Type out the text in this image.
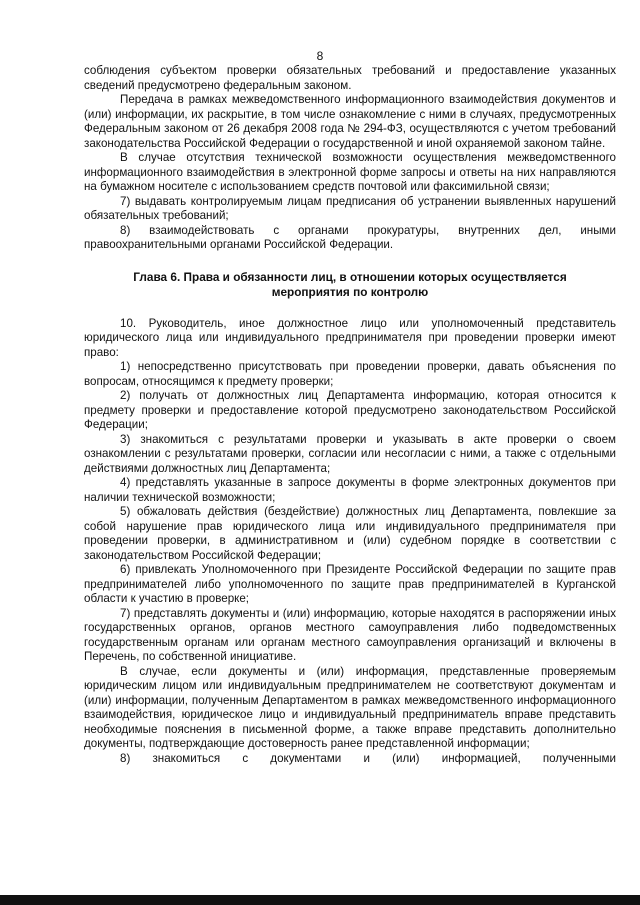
8

соблюдения субъектом проверки обязательных требований и предоставление указанных сведений предусмотрено федеральным законом.

Передача в рамках межведомственного информационного взаимодействия документов и (или) информации, их раскрытие, в том числе ознакомление с ними в случаях, предусмотренных Федеральным законом от 26 декабря 2008 года № 294-ФЗ, осуществляются с учетом требований законодательства Российской Федерации о государственной и иной охраняемой законом тайне.

В случае отсутствия технической возможности осуществления межведомственного информационного взаимодействия в электронной форме запросы и ответы на них направляются на бумажном носителе с использованием средств почтовой или факсимильной связи;

7) выдавать контролируемым лицам предписания об устранении выявленных нарушений обязательных требований;

8) взаимодействовать с органами прокуратуры, внутренних дел, иными правоохранительными органами Российской Федерации.

Глава 6. Права и обязанности лиц, в отношении которых осуществляется мероприятия по контролю

10. Руководитель, иное должностное лицо или уполномоченный представитель юридического лица или индивидуального предпринимателя при проведении проверки имеют право:

1) непосредственно присутствовать при проведении проверки, давать объяснения по вопросам, относящимся к предмету проверки;

2) получать от должностных лиц Департамента информацию, которая относится к предмету проверки и предоставление которой предусмотрено законодательством Российской Федерации;

3) знакомиться с результатами проверки и указывать в акте проверки о своем ознакомлении с результатами проверки, согласии или несогласии с ними, а также с отдельными действиями должностных лиц Департамента;

4) представлять указанные в запросе документы в форме электронных документов при наличии технической возможности;

5) обжаловать действия (бездействие) должностных лиц Департамента, повлекшие за собой нарушение прав юридического лица или индивидуального предпринимателя при проведении проверки, в административном и (или) судебном порядке в соответствии с законодательством Российской Федерации;

6) привлекать Уполномоченного при Президенте Российской Федерации по защите прав предпринимателей либо уполномоченного по защите прав предпринимателей в Курганской области к участию в проверке;

7) представлять документы и (или) информацию, которые находятся в распоряжении иных государственных органов, органов местного самоуправления либо подведомственных государственным органам или органам местного самоуправления организаций и включены в Перечень, по собственной инициативе.

В случае, если документы и (или) информация, представленные проверяемым юридическим лицом или индивидуальным предпринимателем не соответствуют документам и (или) информации, полученным Департаментом в рамках межведомственного информационного взаимодействия, юридическое лицо и индивидуальный предприниматель вправе представить необходимые пояснения в письменной форме, а также вправе представить дополнительно документы, подтверждающие достоверность ранее представленной информации;

8) знакомиться с документами и (или) информацией, полученными
